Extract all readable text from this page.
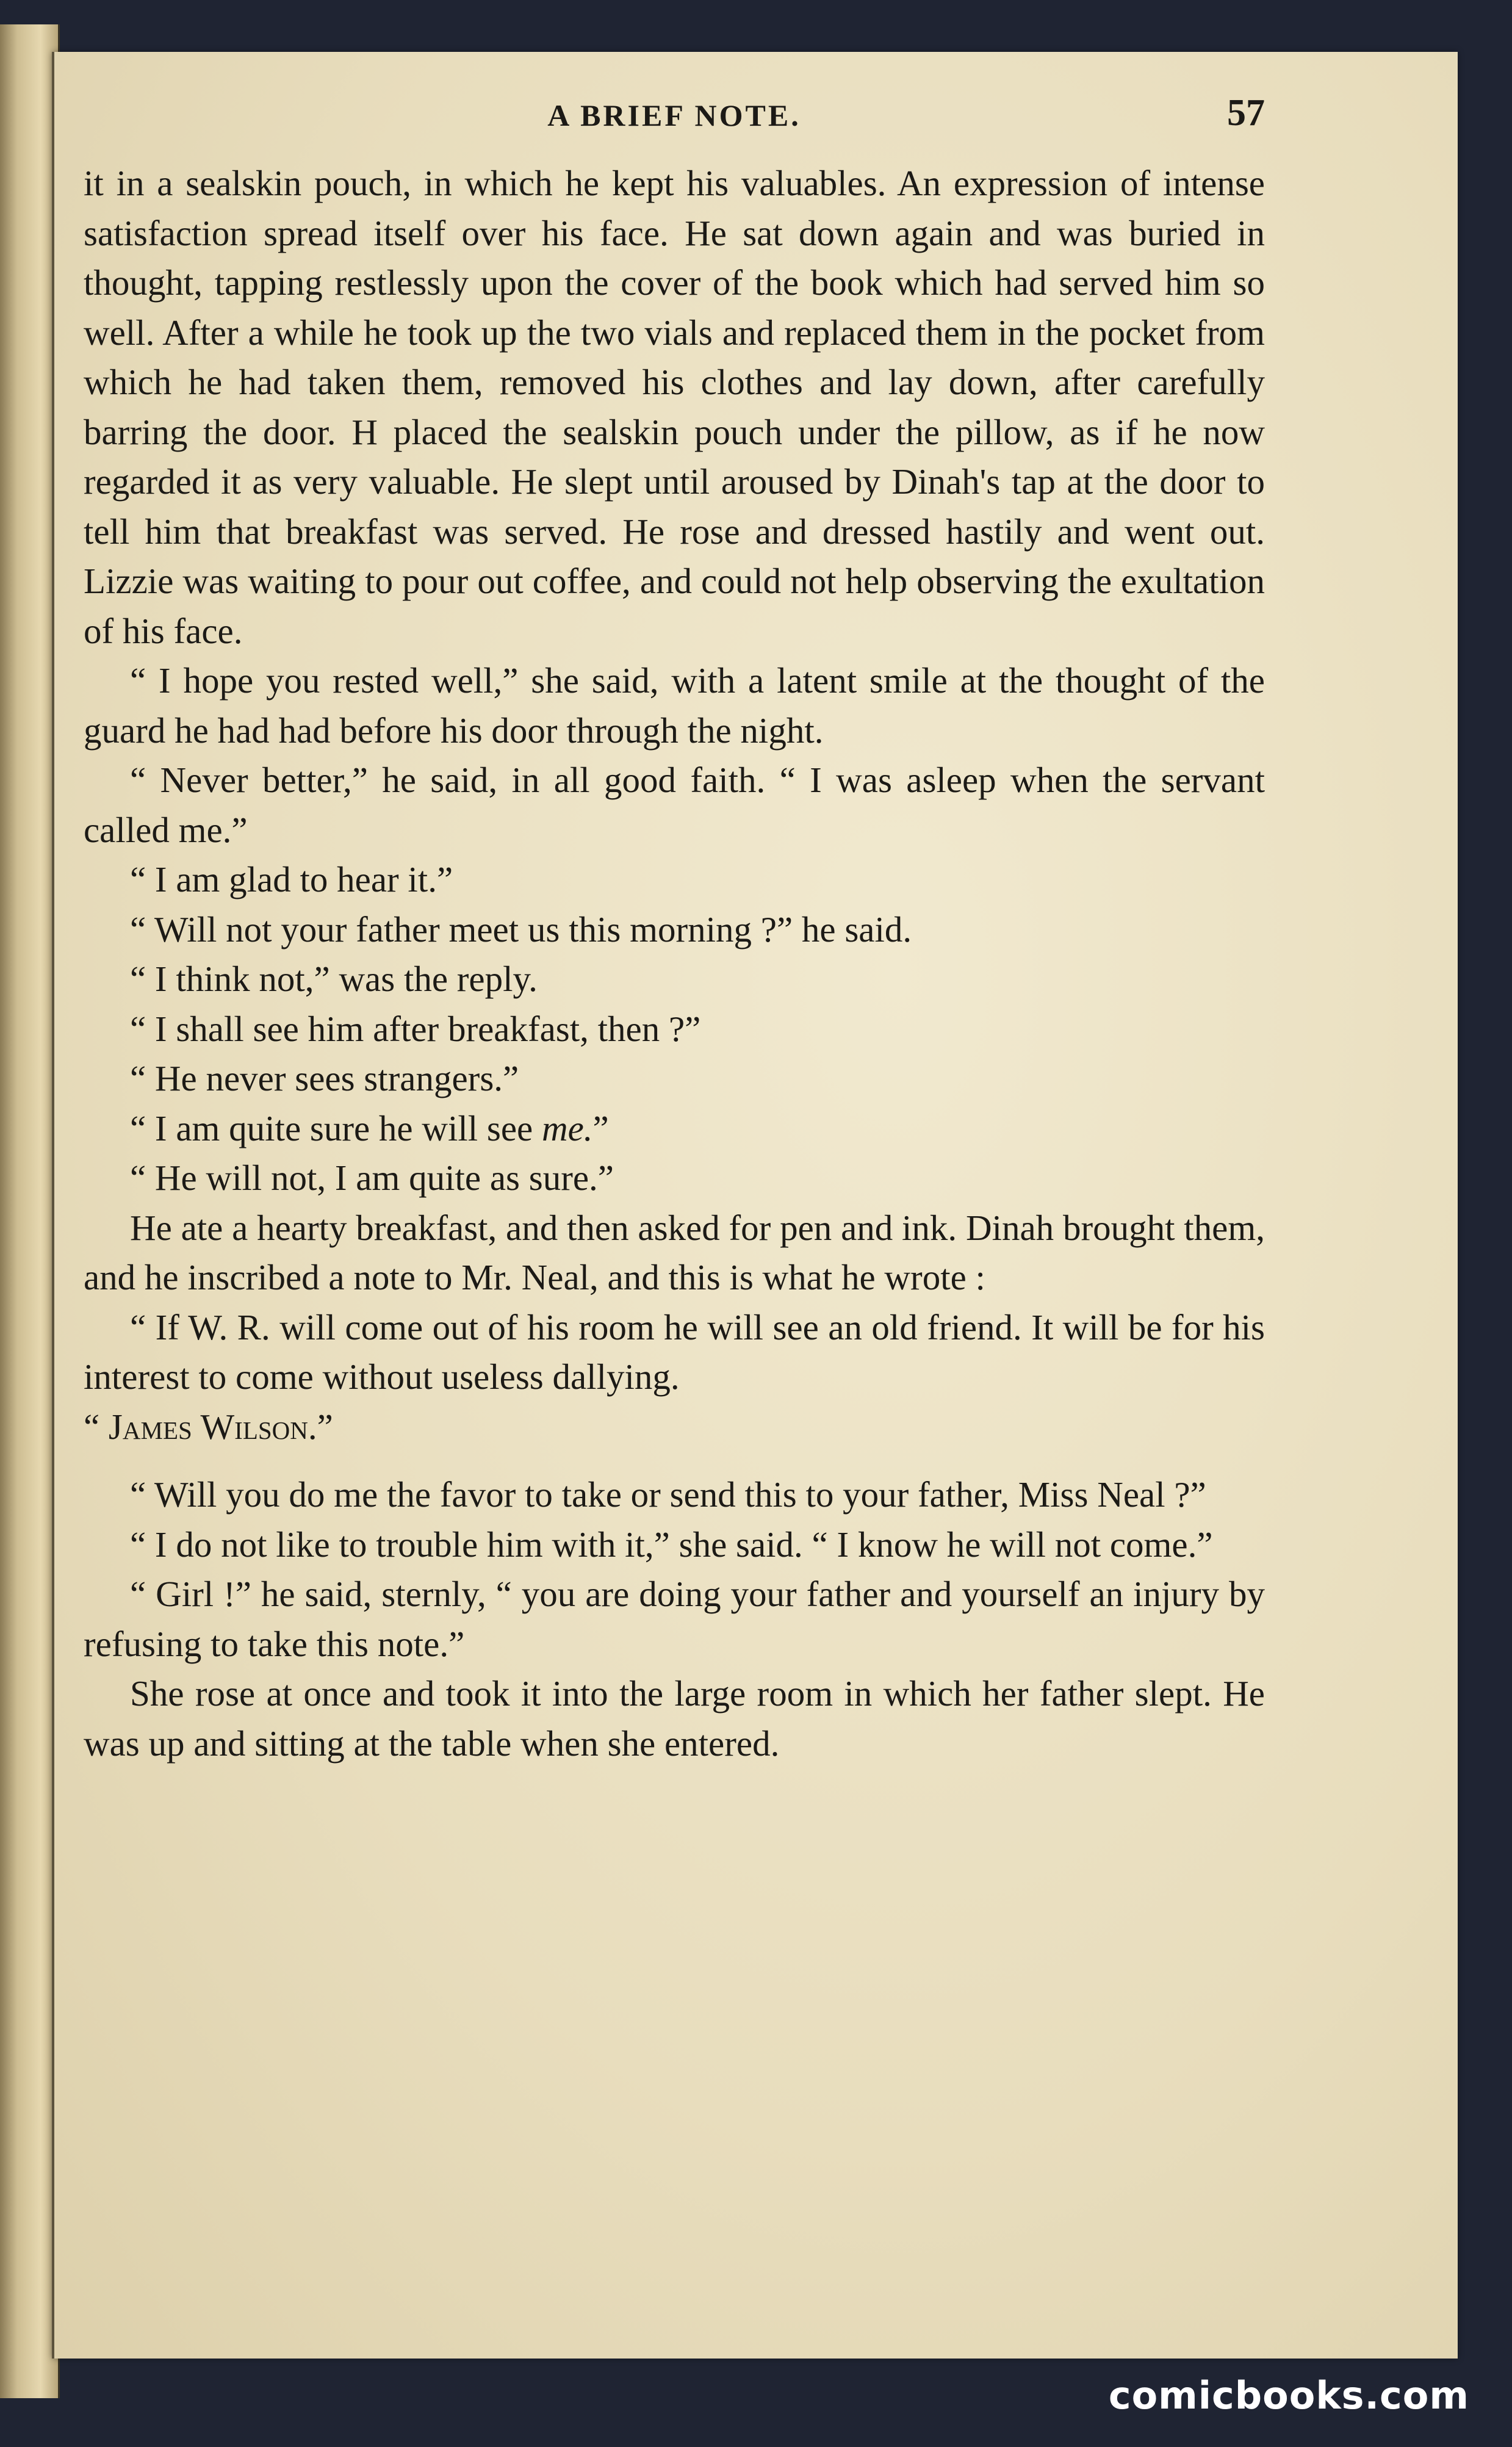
A BRIEF NOTE.	57

it in a sealskin pouch, in which he kept his valuables. An expression of intense satisfaction spread itself over his face. He sat down again and was buried in thought, tapping restlessly upon the cover of the book which had served him so well. After a while he took up the two vials and replaced them in the pocket from which he had taken them, removed his clothes and lay down, after carefully barring the door. H placed the sealskin pouch under the pillow, as if he now regarded it as very valuable. He slept until aroused by Dinah's tap at the door to tell him that breakfast was served. He rose and dressed hastily and went out. Lizzie was waiting to pour out coffee, and could not help observing the exultation of his face.

“ I hope you rested well,” she said, with a latent smile at the thought of the guard he had had before his door through the night.

“ Never better,” he said, in all good faith. “ I was asleep when the servant called me.”

“ I am glad to hear it.”

“ Will not your father meet us this morning ?” he said.

“ I think not,” was the reply.

“ I shall see him after breakfast, then ?”

“ He never sees strangers.”

“ I am quite sure he will see me.”

“ He will not, I am quite as sure.”

He ate a hearty breakfast, and then asked for pen and ink. Dinah brought them, and he inscribed a note to Mr. Neal, and this is what he wrote :

“ If W. R. will come out of his room he will see an old friend. It will be for his interest to come without useless dallying.

“ James Wilson.”

“ Will you do me the favor to take or send this to your father, Miss Neal ?”

“ I do not like to trouble him with it,” she said. “ I know he will not come.”

“ Girl !” he said, sternly, “ you are doing your father and yourself an injury by refusing to take this note.”

She rose at once and took it into the large room in which her father slept. He was up and sitting at the table when she entered.

comicbooks.com
